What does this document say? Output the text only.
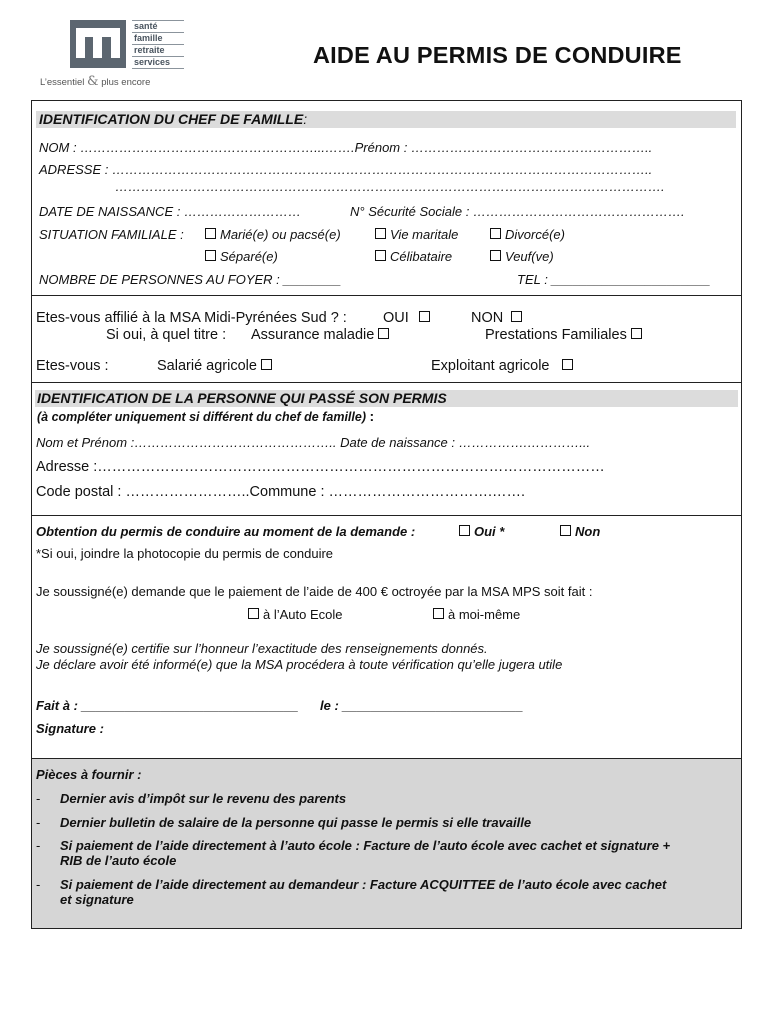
santé
famille
retraite
services
L’essentiel & plus encore
AIDE AU PERMIS DE CONDUIRE
IDENTIFICATION DU CHEF DE FAMILLE:
NOM : ………………………………………………...…….Prénom : ………………………………………………..
ADRESSE : ……………………………………………………………………………………………………………..
……………………………………………………………………………………………………………….
DATE DE NAISSANCE : ………………………	N° Sécurité Sociale : ………………………………………….
SITUATION FAMILIALE :	Marié(e) ou pacsé(e)	Vie maritale	Divorcé(e)
Séparé(e)	Célibataire	Veuf(ve)
NOMBRE DE PERSONNES AU FOYER : ________	TEL : ______________________
Etes-vous affilié à la MSA Midi-Pyrénées Sud ? : OUI	NON
Si oui, à quel titre : Assurance maladie	Prestations Familiales
Etes-vous :	Salarié agricole	Exploitant agricole
IDENTIFICATION DE LA PERSONNE QUI PASSÉ SON PERMIS
(à compléter uniquement si différent du chef de famille) :
Nom et Prénom :……………………………………….. Date de naissance : …………….…………...
Adresse :……………………………………………………………………………………………
Code postal : ……………………..Commune : …………………………….…….
Obtention du permis de conduire au moment de la demande :	Oui *	Non
*Si oui, joindre la photocopie du permis de conduire
Je soussigné(e) demande que le paiement de l’aide de 400 € octroyée par la MSA MPS soit fait :
à l’Auto Ecole	à moi-même
Je soussigné(e) certifie sur l’honneur l’exactitude des renseignements donnés.
Je déclare avoir été informé(e) que la MSA procédera à toute vérification qu’elle jugera utile
Fait à : ______________________________ le : _________________________
Signature :
Pièces à fournir :
- Dernier avis d’impôt sur le revenu des parents
- Dernier bulletin de salaire de la personne qui passe le permis si elle travaille
- Si paiement de l’aide directement à l’auto école : Facture de l’auto école avec cachet et signature +
RIB de l’auto école
- Si paiement de l’aide directement au demandeur : Facture ACQUITTEE de l’auto école avec cachet
et signature
